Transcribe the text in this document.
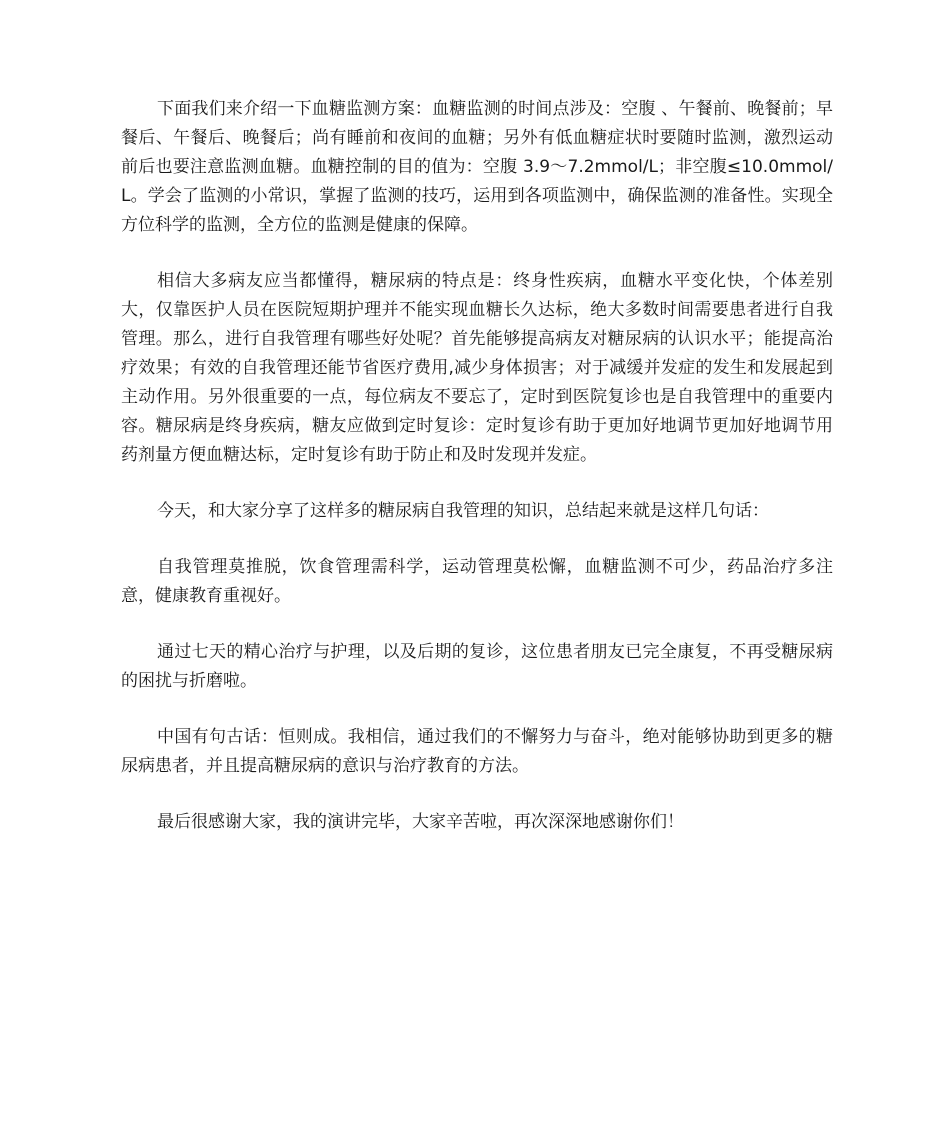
下面我们来介绍一下血糖监测方案：血糖监测的时间点涉及：空腹 、午餐前、晚餐前；早餐后、午餐后、晚餐后；尚有睡前和夜间的血糖；另外有低血糖症状时要随时监测，激烈运动前后也要注意监测血糖。血糖控制的目的值为：空腹 3.9～7.2mmol/L；非空腹≤10.0mmol/L。学会了监测的小常识，掌握了监测的技巧，运用到各项监测中，确保监测的准备性。实现全方位科学的监测，全方位的监测是健康的保障。

相信大多病友应当都懂得，糖尿病的特点是：终身性疾病，血糖水平变化快，个体差别大，仅靠医护人员在医院短期护理并不能实现血糖长久达标，绝大多数时间需要患者进行自我管理。那么，进行自我管理有哪些好处呢？首先能够提高病友对糖尿病的认识水平；能提高治疗效果；有效的自我管理还能节省医疗费用,减少身体损害；对于减缓并发症的发生和发展起到主动作用。另外很重要的一点，每位病友不要忘了，定时到医院复诊也是自我管理中的重要内容。糖尿病是终身疾病，糖友应做到定时复诊：定时复诊有助于更加好地调节更加好地调节用药剂量方便血糖达标，定时复诊有助于防止和及时发现并发症。

今天，和大家分享了这样多的糖尿病自我管理的知识，总结起来就是这样几句话：

自我管理莫推脱，饮食管理需科学，运动管理莫松懈，血糖监测不可少，药品治疗多注意，健康教育重视好。

通过七天的精心治疗与护理，以及后期的复诊，这位患者朋友已完全康复，不再受糖尿病的困扰与折磨啦。

中国有句古话：恒则成。我相信，通过我们的不懈努力与奋斗，绝对能够协助到更多的糖尿病患者，并且提高糖尿病的意识与治疗教育的方法。

最后很感谢大家，我的演讲完毕，大家辛苦啦，再次深深地感谢你们！
